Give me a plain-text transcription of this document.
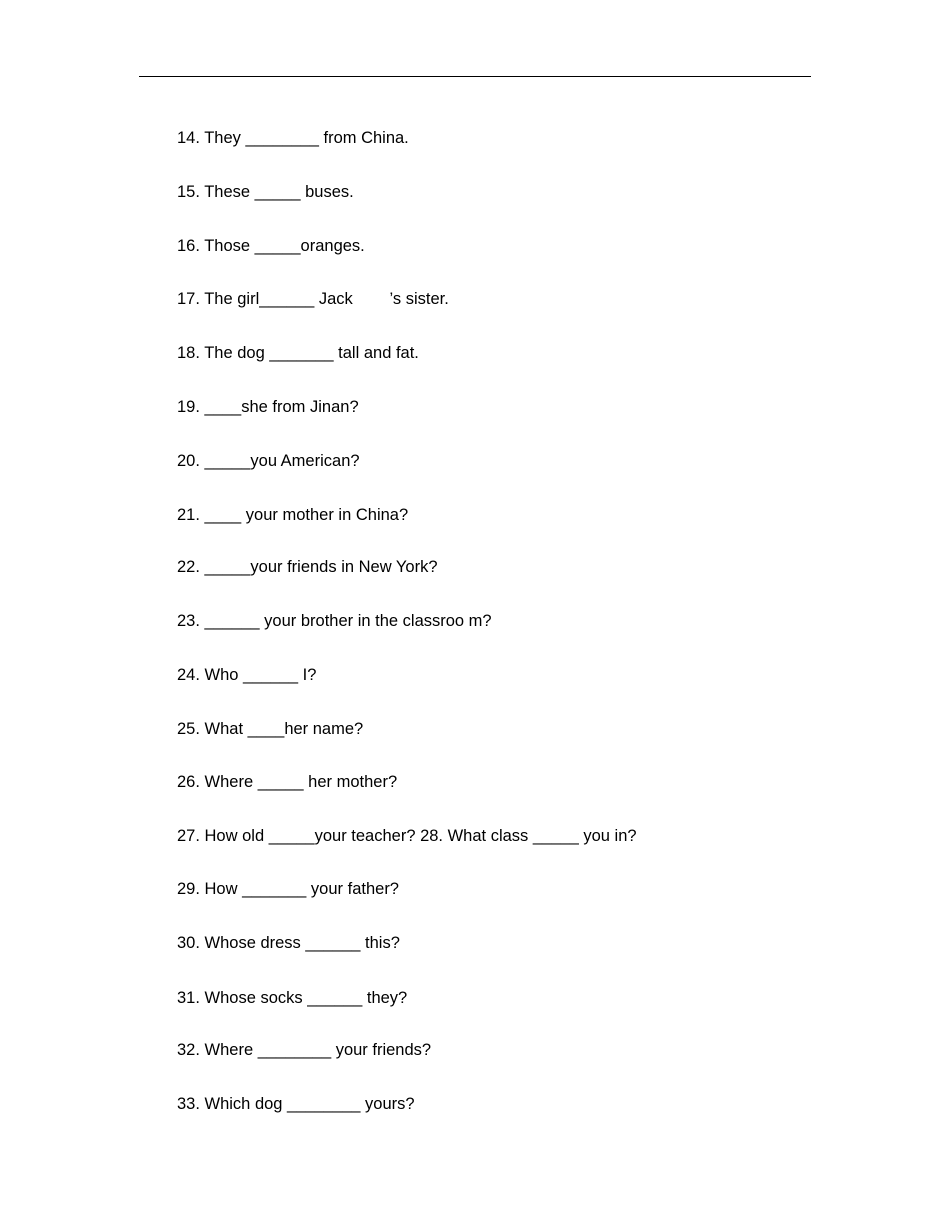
14. They ________ from China.
15. These _____ buses.
16. Those _____oranges.
17. The girl______ Jack        ’s sister.
18. The dog _______ tall and fat.
19. ____she from Jinan?
20. _____you American?
21. ____ your mother in China?
22. _____your friends in New York?
23. ______ your brother in the classroo m?
24. Who ______ I?
25. What ____her name?
26. Where _____ her mother?
27. How old _____your teacher? 28. What class _____ you in?
29. How _______ your father?
30. Whose dress ______ this?
31. Whose socks ______ they?
32. Where ________ your friends?
33. Which dog ________ yours?
